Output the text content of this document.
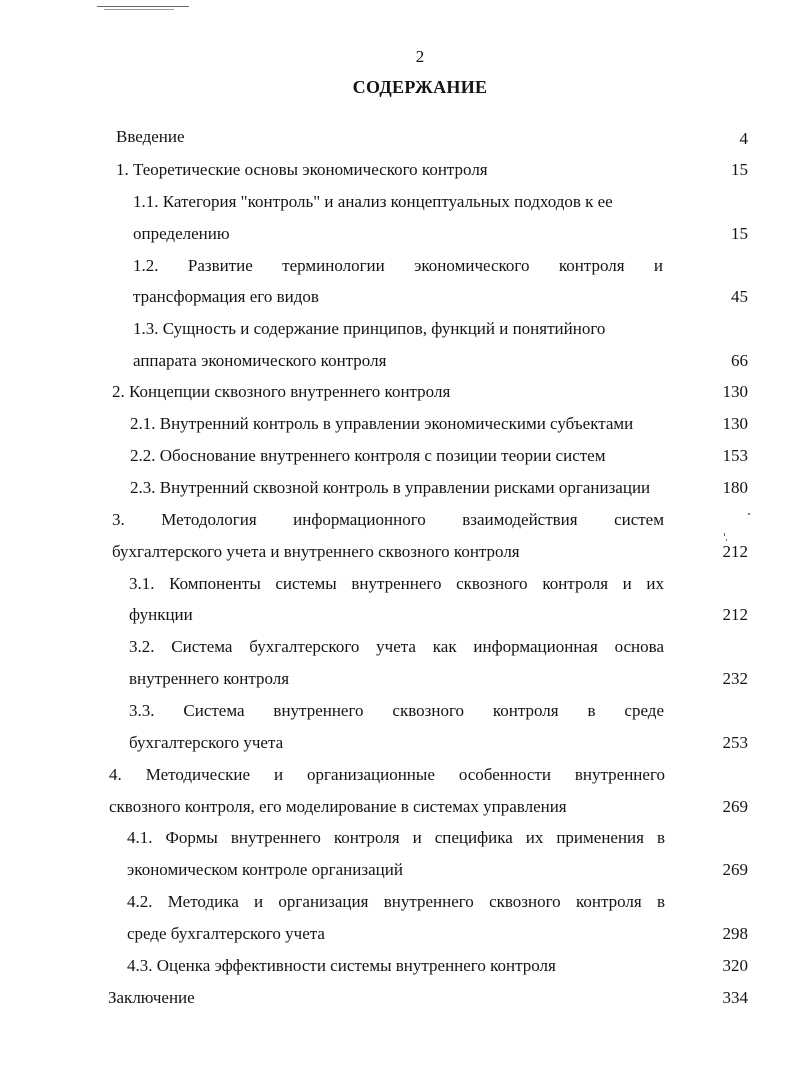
2
СОДЕРЖАНИЕ
Введение	4
1. Теоретические основы экономического контроля	15
1.1. Категория "контроль" и анализ концептуальных подходов к ее
определению	15
1.2. Развитие терминологии экономического контроля и
трансформация его видов	45
1.3. Сущность и содержание принципов, функций и понятийного
аппарата экономического контроля	66
2. Концепции сквозного внутреннего контроля	130
2.1. Внутренний контроль в управлении экономическими субъектами	130
2.2. Обоснование внутреннего контроля с позиции теории систем	153
2.3. Внутренний сквозной контроль в управлении рисками организации	180
3. Методология информационного взаимодействия систем
бухгалтерского учета и внутреннего сквозного контроля	212
3.1. Компоненты системы внутреннего сквозного контроля и их
функции	212
3.2. Система бухгалтерского учета как информационная основа
внутреннего контроля	232
3.3. Система внутреннего сквозного контроля в среде
бухгалтерского учета	253
4. Методические и организационные особенности внутреннего
сквозного контроля, его моделирование в системах управления	269
4.1. Формы внутреннего контроля и специфика их применения в
экономическом контроле организаций	269
4.2. Методика и организация внутреннего сквозного контроля в
среде бухгалтерского учета	298
4.3. Оценка эффективности системы внутреннего контроля	320
Заключение	334
